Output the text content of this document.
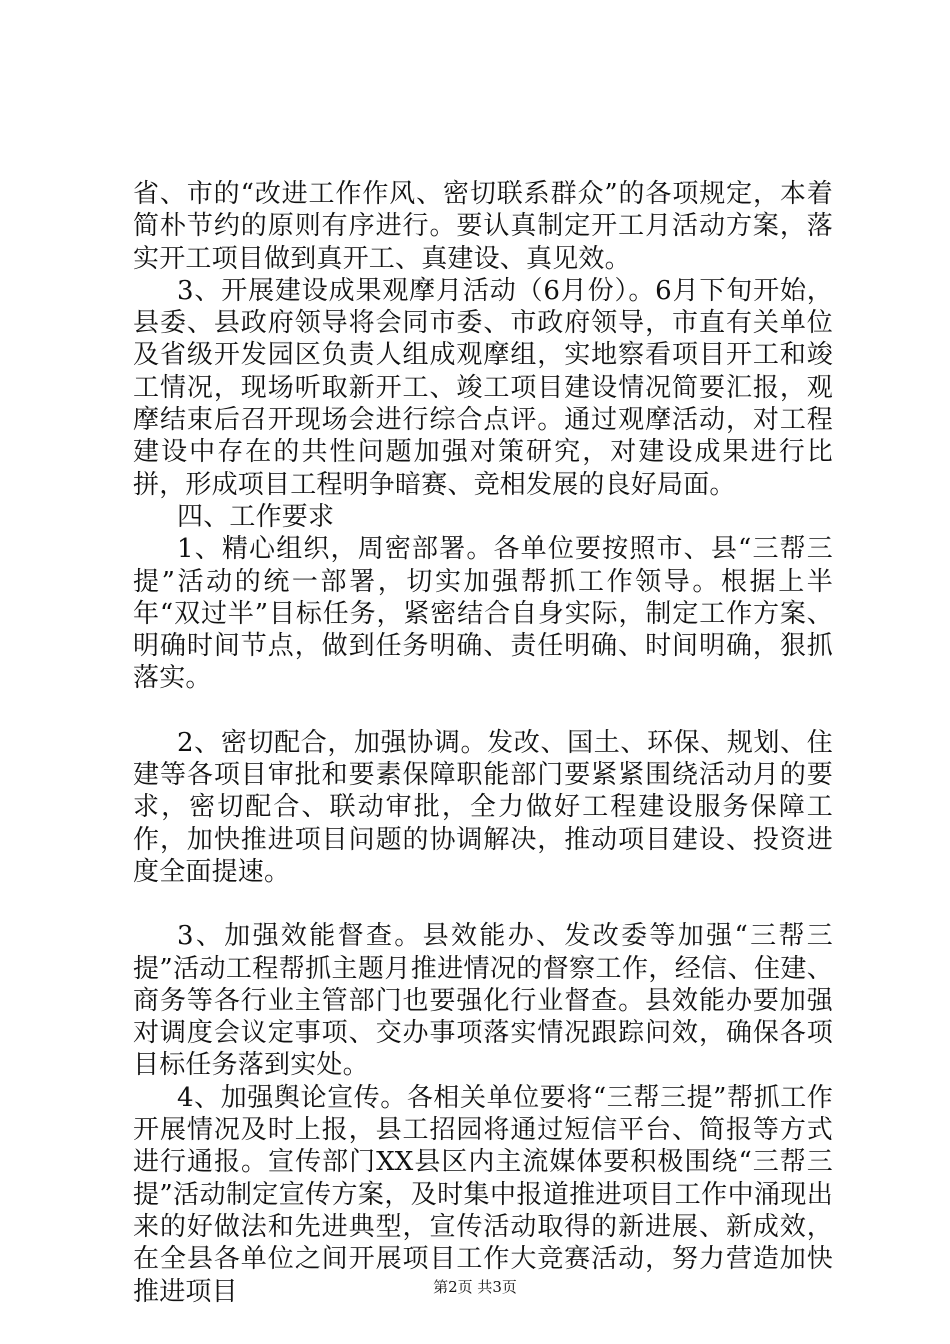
省、市的“改进工作作风、密切联系群众”的各项规定，本着简朴节约的原则有序进行。要认真制定开工月活动方案，落实开工项目做到真开工、真建设、真见效。

3、开展建设成果观摩月活动（6月份）。6月下旬开始，县委、县政府领导将会同市委、市政府领导，市直有关单位及省级开发园区负责人组成观摩组，实地察看项目开工和竣工情况，现场听取新开工、竣工项目建设情况简要汇报，观摩结束后召开现场会进行综合点评。通过观摩活动，对工程建设中存在的共性问题加强对策研究，对建设成果进行比拼，形成项目工程明争暗赛、竞相发展的良好局面。

四、工作要求

1、精心组织，周密部署。各单位要按照市、县“三帮三提”活动的统一部署，切实加强帮抓工作领导。根据上半年“双过半”目标任务，紧密结合自身实际，制定工作方案、明确时间节点，做到任务明确、责任明确、时间明确，狠抓落实。

2、密切配合，加强协调。发改、国土、环保、规划、住建等各项目审批和要素保障职能部门要紧紧围绕活动月的要求，密切配合、联动审批，全力做好工程建设服务保障工作，加快推进项目问题的协调解决，推动项目建设、投资进度全面提速。

3、加强效能督查。县效能办、发改委等加强“三帮三提”活动工程帮抓主题月推进情况的督察工作，经信、住建、商务等各行业主管部门也要强化行业督查。县效能办要加强对调度会议定事项、交办事项落实情况跟踪问效，确保各项目标任务落到实处。

4、加强舆论宣传。各相关单位要将“三帮三提”帮抓工作开展情况及时上报，县工招园将通过短信平台、简报等方式进行通报。宣传部门XX县区内主流媒体要积极围绕“三帮三提”活动制定宣传方案，及时集中报道推进项目工作中涌现出来的好做法和先进典型，宣传活动取得的新进展、新成效，在全县各单位之间开展项目工作大竞赛活动，努力营造加快推进项目	第2页 共3页
